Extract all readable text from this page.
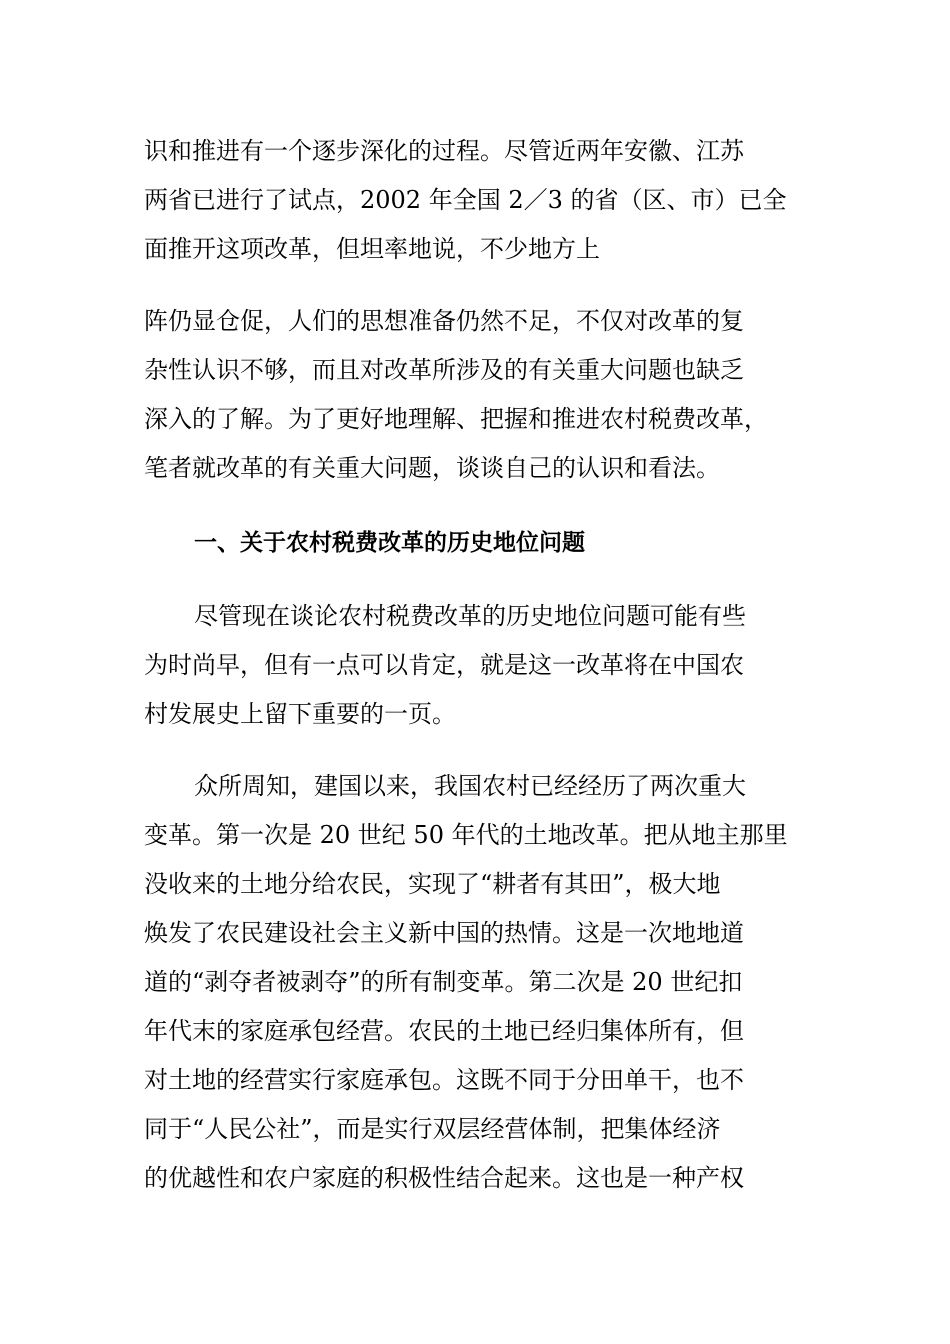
识和推进有一个逐步深化的过程。尽管近两年安徽、江苏
两省已进行了试点，2002 年全国 2／3 的省（区、市）已全
面推开这项改革，但坦率地说，不少地方上
阵仍显仓促，人们的思想准备仍然不足，不仅对改革的复
杂性认识不够，而且对改革所涉及的有关重大问题也缺乏
深入的了解。为了更好地理解、把握和推进农村税费改革，
笔者就改革的有关重大问题，谈谈自己的认识和看法。
一、关于农村税费改革的历史地位问题
尽管现在谈论农村税费改革的历史地位问题可能有些
为时尚早，但有一点可以肯定，就是这一改革将在中国农
村发展史上留下重要的一页。
众所周知，建国以来，我国农村已经经历了两次重大
变革。第一次是 20 世纪 50 年代的土地改革。把从地主那里
没收来的土地分给农民，实现了“耕者有其田”，极大地
焕发了农民建设社会主义新中国的热情。这是一次地地道
道的“剥夺者被剥夺”的所有制变革。第二次是 20 世纪扣
年代末的家庭承包经营。农民的土地已经归集体所有，但
对土地的经营实行家庭承包。这既不同于分田单干，也不
同于“人民公社”，而是实行双层经营体制，把集体经济
的优越性和农户家庭的积极性结合起来。这也是一种产权
